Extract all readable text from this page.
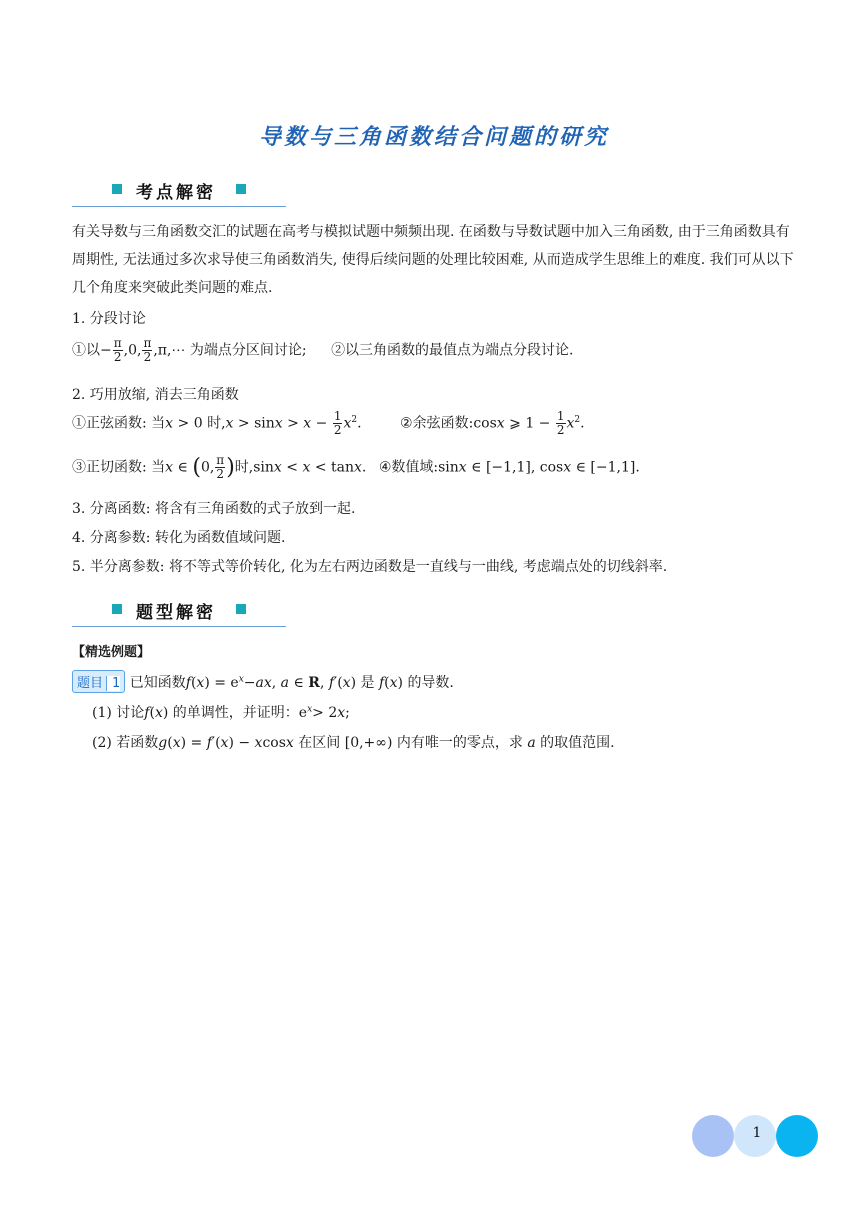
导数与三角函数结合问题的研究
考点解密
有关导数与三角函数交汇的试题在高考与模拟试题中频频出现. 在函数与导数试题中加入三角函数, 由于三角函数具有周期性, 无法通过多次求导使三角函数消失, 使得后续问题的处理比较困难, 从而造成学生思维上的难度. 我们可从以下几个角度来突破此类问题的难点.
1. 分段讨论
①以− $\frac{\pi}{2} ,0$, $\frac{\pi}{2}$ ,π,⋯ 为端点分区间讨论; ②以三角函数的最值点为端点分段讨论.
2. 巧用放缩, 消去三角函数
①正弦函数: 当x > 0 时$,x > \sin x > x - \frac{1}{2} x^2$. ②余弦函数:cosx ⩾ $1 - \frac{1}{2} x^2$.
③正切函数: 当x ∈ (0, $\frac{\pi}{2}$ )时,sinx < x < tanx. ④数值域:sinx ∈ [−1,1], cosx ∈ [−1,1].
3. 分离函数: 将含有三角函数的式子放到一起.
4. 分离参数: 转化为函数值域问题.
5. 半分离参数: 将不等式等价转化, 化为左右两边函数是一直线与一曲线, 考虑端点处的切线斜率.
题型解密
【精选例题】
题目 1 已知函数$f(x) = e^x-ax$, a ∈ R, f′(x) 是 f(x) 的导数.
(1) 讨论f(x) 的单调性，并证明：$e^x> 2x$;
(2) 若函数g(x) = f′(x) − xcosx 在区间 [0,+∞) 内有唯一的零点，求 a 的取值范围.
1
